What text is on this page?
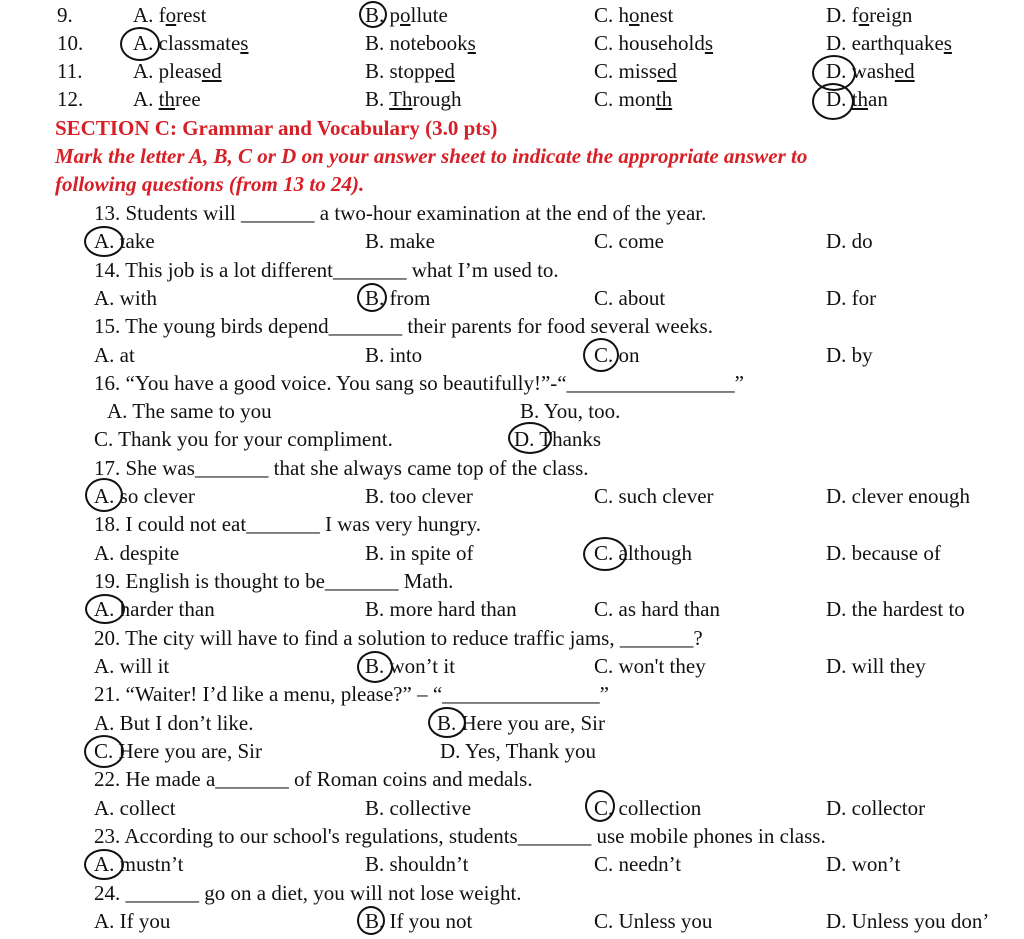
9.	A. forest	B. pollute	C. honest	D. foreign
10. A. classmates	B. notebooks	C. households	D. earthquakes
11. A. pleased	B. stopped	C. missed	D. washed
12. A. three	B. Through	C. month	D. than
SECTION C: Grammar and Vocabulary (3.0 pts)
Mark the letter A, B, C or D on your answer sheet to indicate the appropriate answer to
following questions (from 13 to 24).
13. Students will _______ a two-hour examination at the end of the year.
A. take	B. make	C. come	D. do
14. This job is a lot different_______ what I’m used to.
A. with	B. from	C. about	D. for
15. The young birds depend_______ their parents for food several weeks.
A. at	B. into	C. on	D. by
16. “You have a good voice. You sang so beautifully!”-“________________”
A. The same to you	B. You, too.
C. Thank you for your compliment.	D. Thanks
17. She was_______ that she always came top of the class.
A. so clever	B. too clever	C. such clever	D. clever enough
18. I could not eat_______ I was very hungry.
A. despite	B. in spite of	C. although	D. because of
19. English is thought to be_______ Math.
A. harder than	B. more hard than	C. as hard than	D. the hardest to
20. The city will have to find a solution to reduce traffic jams, _______?
A. will it	B. won’t it	C. won't they	D. will they
21. “Waiter! I’d like a menu, please?” – “_______________”
A. But I don’t like.	B. Here you are, Sir
C. Here you are, Sir	D. Yes, Thank you
22. He made a_______ of Roman coins and medals.
A. collect	B. collective	C. collection	D. collector
23. According to our school's regulations, students_______ use mobile phones in class.
A. mustn’t	B. shouldn’t	C. needn’t	D. won’t
24. _______ go on a diet, you will not lose weight.
A. If you	B. If you not	C. Unless you	D. Unless you don’
